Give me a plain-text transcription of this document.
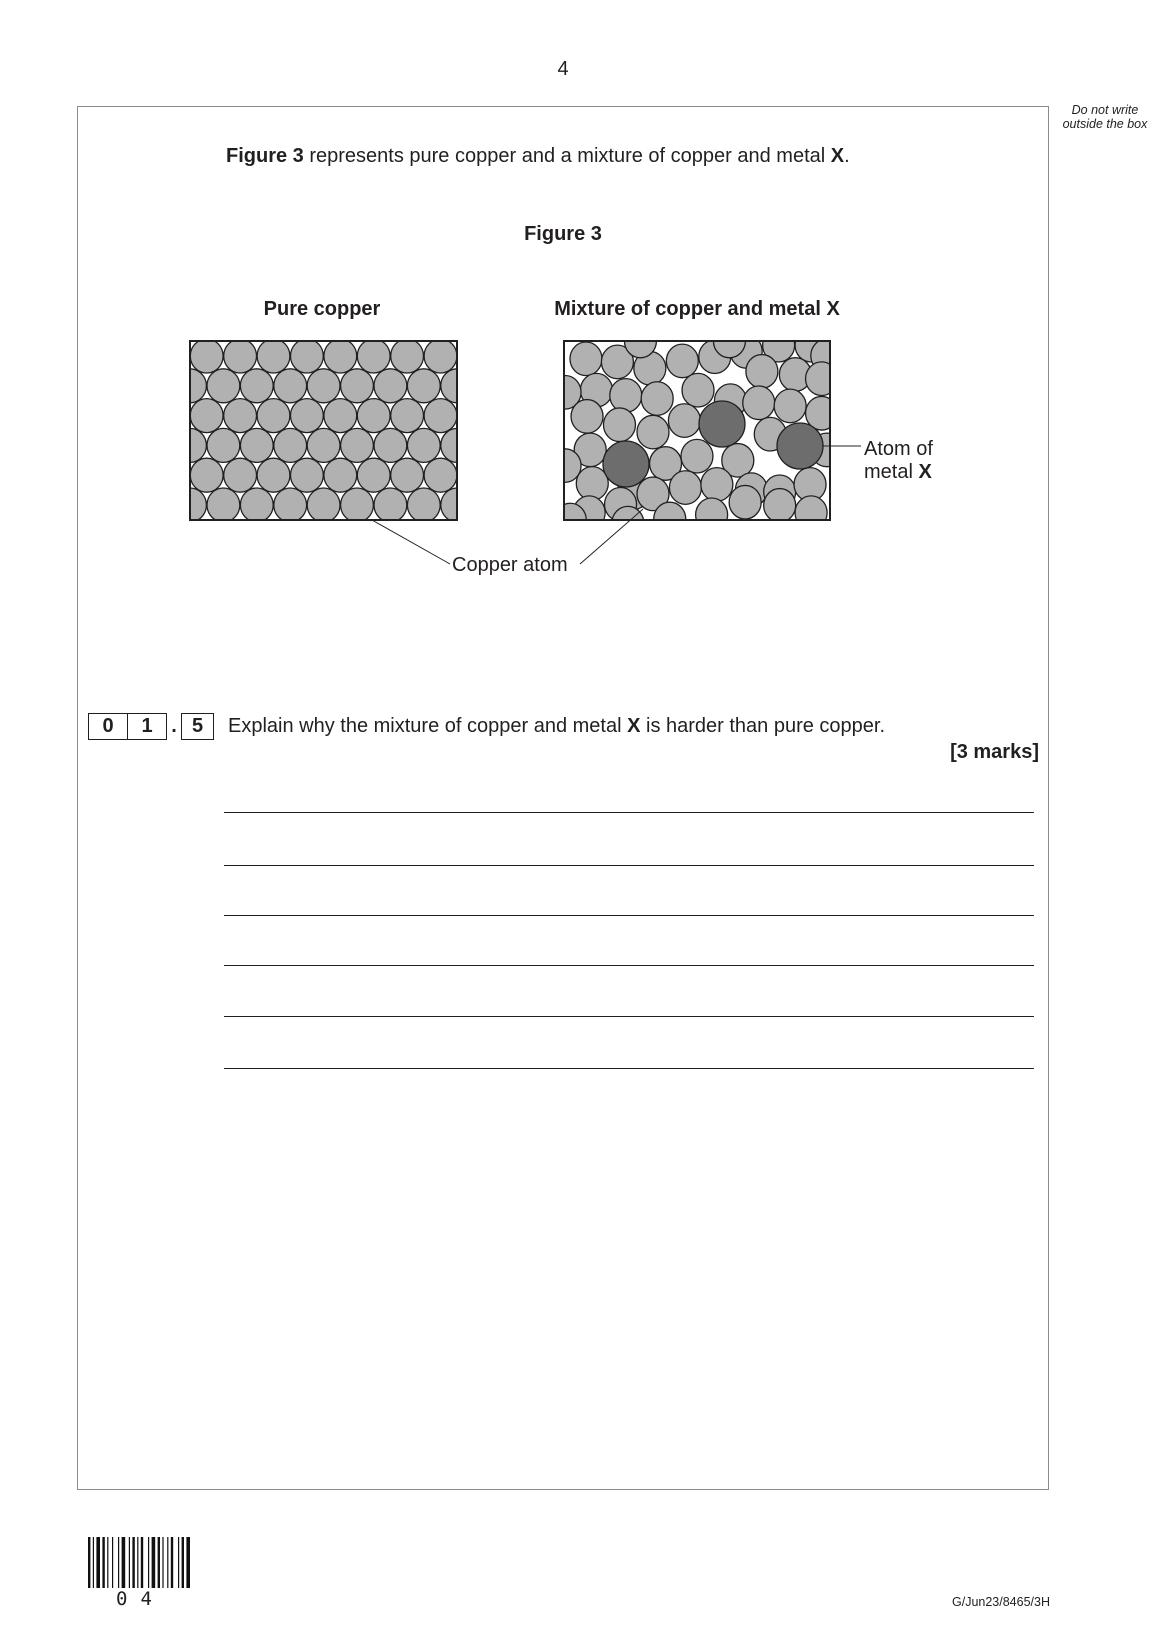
4
Do not write outside the box
Figure 3 represents pure copper and a mixture of copper and metal X.
Figure 3
Pure copper	Mixture of copper and metal X
Atom of
metal X
Copper atom
0	1 . 5	Explain why the mixture of copper and metal X is harder than pure copper.
[3 marks]
04	G/Jun23/8465/3H
